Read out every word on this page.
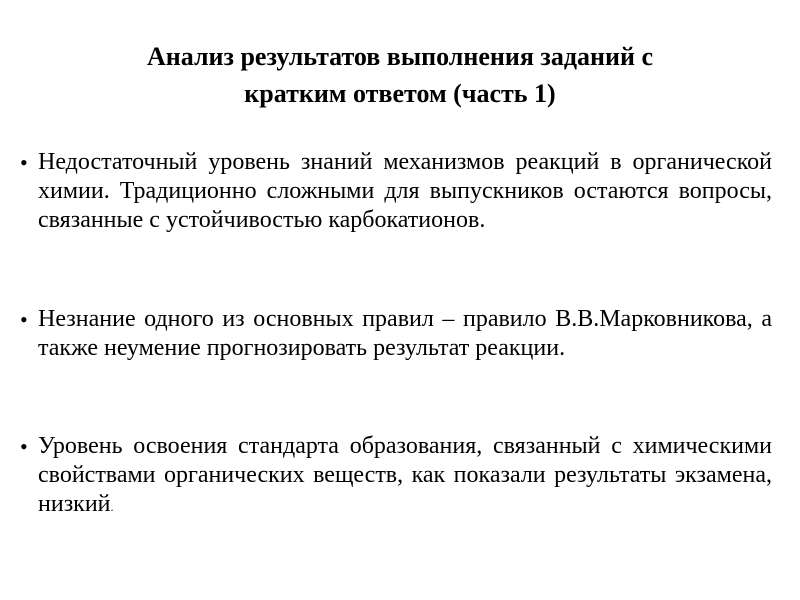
Анализ результатов выполнения заданий с
кратким ответом (часть 1)
• Недостаточный уровень знаний механизмов реакций в органической химии. Традиционно сложными для выпускников остаются вопросы, связанные с устойчивостью карбокатионов.
• Незнание одного из основных правил – правило В.В.Марковникова, а также неумение прогнозировать результат реакции.
• Уровень освоения стандарта образования, связанный с химическими свойствами органических веществ, как показали результаты экзамена, низкий.
